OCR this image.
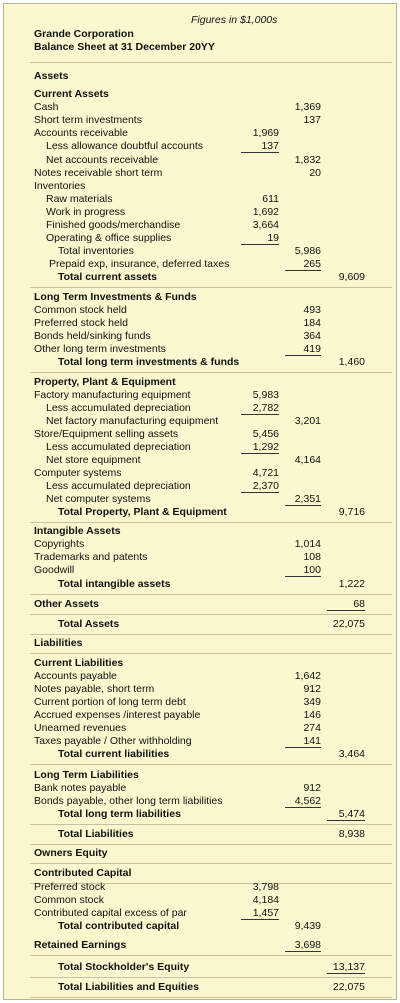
Figures in $1,000s
Grande Corporation
Balance Sheet at 31 December 20YY
Assets
Current Assets
Cash	1,369
Short term investments	137
Accounts receivable	1,969
Less allowance doubtful accounts	137
Net accounts receivable	1,832
Notes receivable short term	20
Inventories
Raw materials	611
Work in progress	1,692
Finished goods/merchandise	3,664
Operating & office supplies	19
Total inventories	5,986
Prepaid exp, insurance, deferred taxes	265
Total current assets	9,609
Long Term Investments & Funds
Common stock held	493
Preferred stock held	184
Bonds held/sinking funds	364
Other long term investments	419
Total long term investments & funds	1,460
Property, Plant & Equipment
Factory manufacturing equipment	5,983
Less accumulated depreciation	2,782
Net factory manufacturing equipment	3,201
Store/Equipment selling assets	5,456
Less accumulated depreciation	1,292
Net store equipment	4,164
Computer systems	4,721
Less accumulated depreciation	2,370
Net computer systems	2,351
Total Property, Plant & Equipment	9,716
Intangible Assets
Copyrights	1,014
Trademarks and patents	108
Goodwill	100
Total intangible assets	1,222
Other Assets	68
Total Assets	22,075
Liabilities
Current Liabilities
Accounts payable	1,642
Notes payable, short term	912
Current portion of long term debt	349
Accrued expenses /interest payable	146
Unearned revenues	274
Taxes payable / Other withholding	141
Total current liabilities	3,464
Long Term Liabilities
Bank notes payable	912
Bonds payable, other long term liabilities	4,562
Total long term liabilities	5,474
Total Liabilities	8,938
Owners Equity
Contributed Capital
Preferred stock	3,798
Common stock	4,184
Contributed capital excess of par	1,457
Total contributed capital	9,439
Retained Earnings	3,698
Total Stockholder's Equity	13,137
Total Liabilities and Equities	22,075
